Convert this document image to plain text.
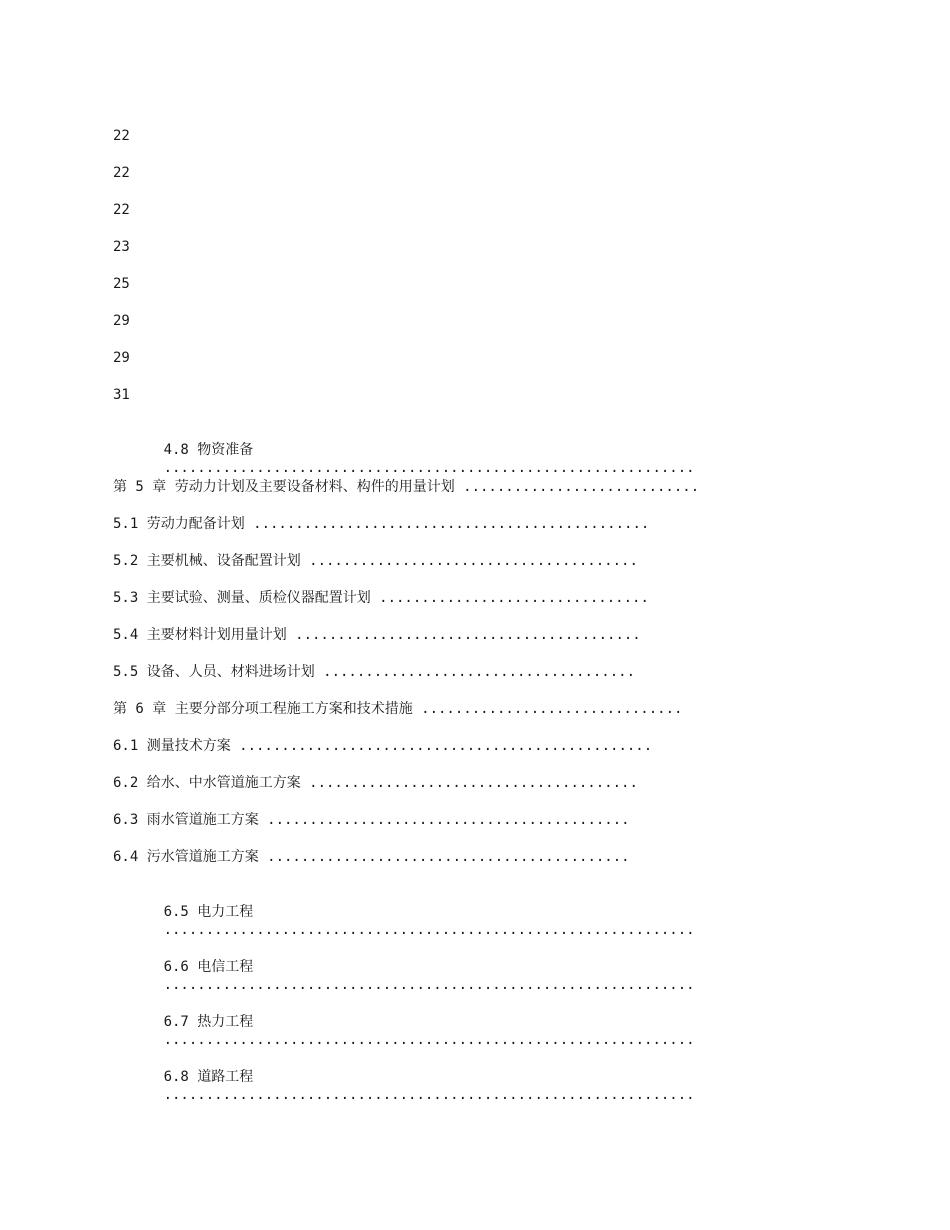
22
22
22
23
25
29
29
31

4.8 物资准备
...............................................................

第 5 章 劳动力计划及主要设备材料、构件的用量计划 ............................
5.1 劳动力配备计划 ...............................................
5.2 主要机械、设备配置计划 .......................................
5.3 主要试验、测量、质检仪器配置计划 ................................
5.4 主要材料计划用量计划 .........................................
5.5 设备、人员、材料进场计划 .....................................
第 6 章 主要分部分项工程施工方案和技术措施 ...............................
6.1 测量技术方案 .................................................
6.2 给水、中水管道施工方案 .......................................
6.3 雨水管道施工方案 ...........................................
6.4 污水管道施工方案 ...........................................

6.5 电力工程
...............................................................

6.6 电信工程
...............................................................

6.7 热力工程
...............................................................

6.8 道路工程
...............................................................
